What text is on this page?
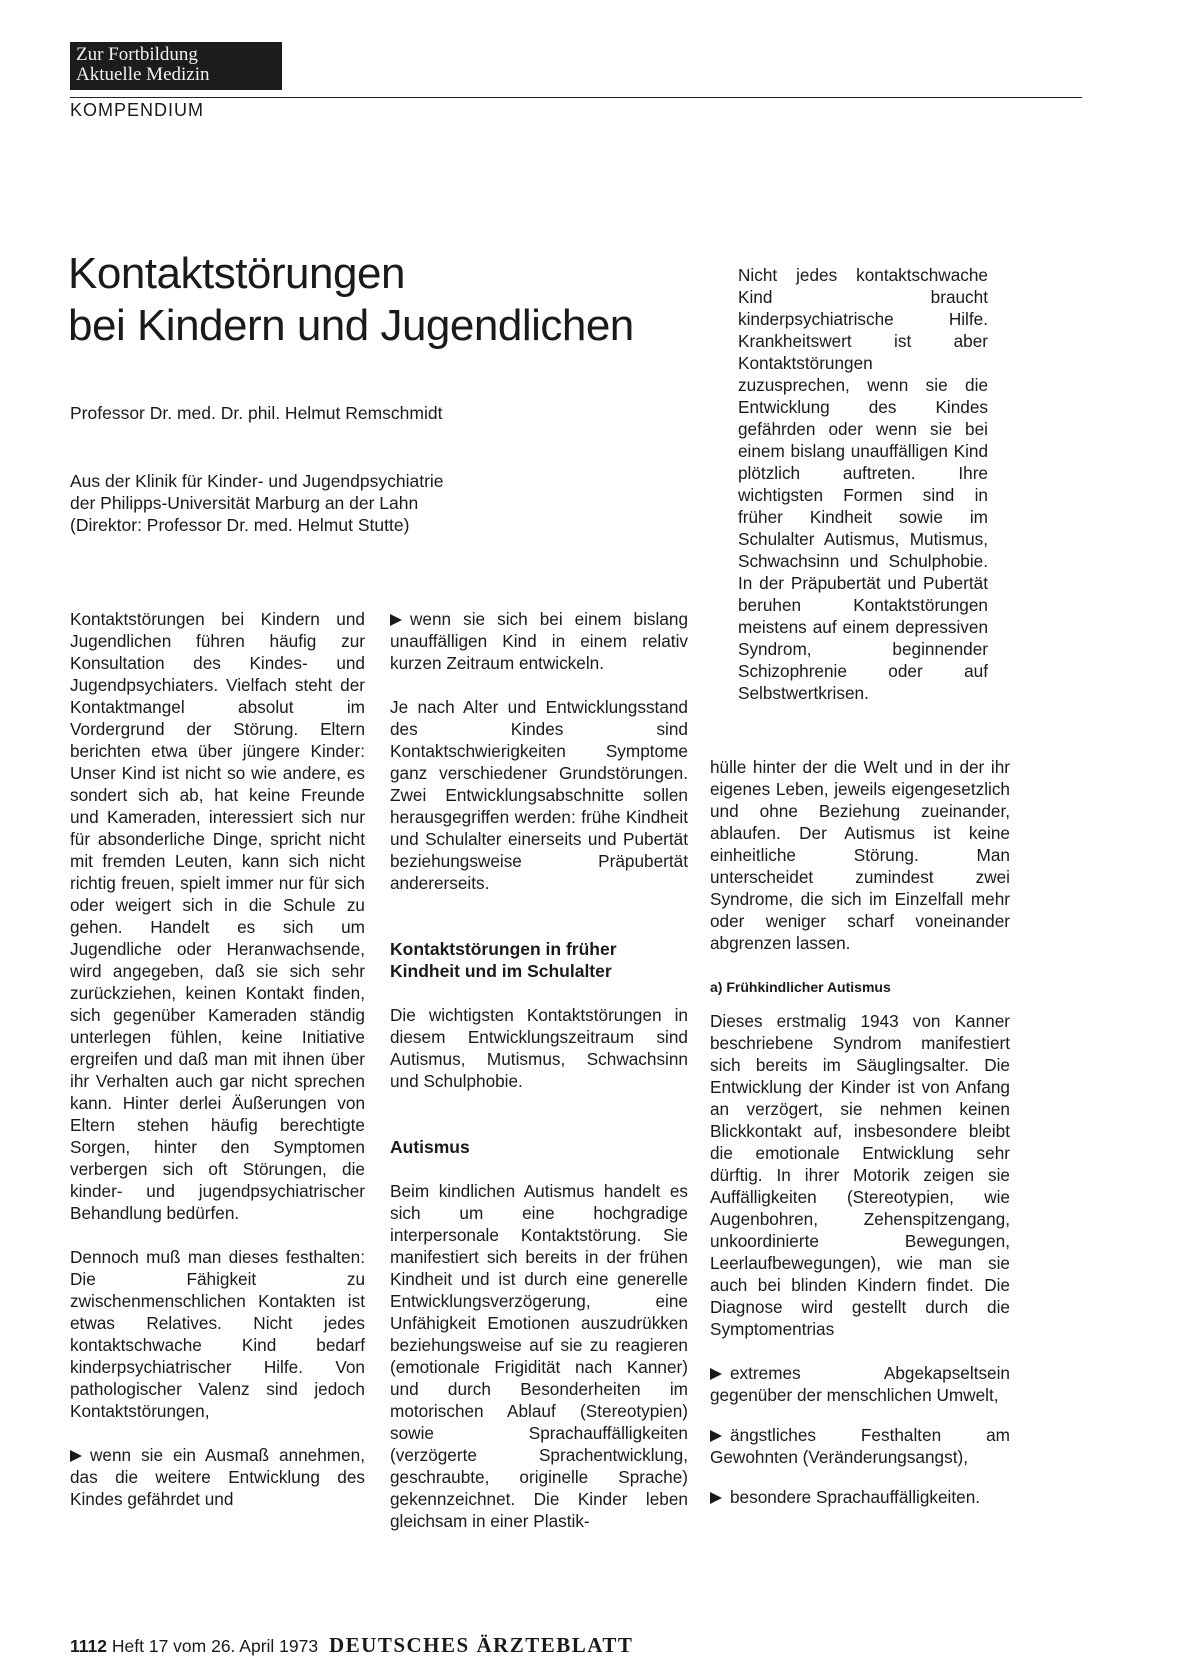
Zur Fortbildung
Aktuelle Medizin
KOMPENDIUM
Kontaktstörungen
bei Kindern und Jugendlichen
Professor Dr. med. Dr. phil. Helmut Remschmidt
Aus der Klinik für Kinder- und Jugendpsychiatrie
der Philipps-Universität Marburg an der Lahn
(Direktor: Professor Dr. med. Helmut Stutte)

Nicht jedes kontaktschwache Kind braucht kinderpsychiatrische Hilfe. Krankheitswert ist aber Kontaktstörungen zuzusprechen, wenn sie die Entwicklung des Kindes gefährden oder wenn sie bei einem bislang unauffälligen Kind plötzlich auftreten. Ihre wichtigsten Formen sind in früher Kindheit sowie im Schulalter Autismus, Mutismus, Schwachsinn und Schulphobie. In der Präpubertät und Pubertät beruhen Kontaktstörungen meistens auf einem depressiven Syndrom, beginnender Schizophrenie oder auf Selbstwertkrisen.

Kontaktstörungen bei Kindern und Jugendlichen führen häufig zur Konsultation des Kindes- und Jugendpsychiaters. Vielfach steht der Kontaktmangel absolut im Vordergrund der Störung. Eltern berichten etwa über jüngere Kinder: Unser Kind ist nicht so wie andere, es sondert sich ab, hat keine Freunde und Kameraden, interessiert sich nur für absonderliche Dinge, spricht nicht mit fremden Leuten, kann sich nicht richtig freuen, spielt immer nur für sich oder weigert sich in die Schule zu gehen. Handelt es sich um Jugendliche oder Heranwachsende, wird angegeben, daß sie sich sehr zurückziehen, keinen Kontakt finden, sich gegenüber Kameraden ständig unterlegen fühlen, keine Initiative ergreifen und daß man mit ihnen über ihr Verhalten auch gar nicht sprechen kann. Hinter derlei Äußerungen von Eltern stehen häufig berechtigte Sorgen, hinter den Symptomen verbergen sich oft Störungen, die kinder- und jugendpsychiatrischer Behandlung bedürfen.

Dennoch muß man dieses festhalten: Die Fähigkeit zu zwischenmenschlichen Kontakten ist etwas Relatives. Nicht jedes kontaktschwache Kind bedarf kinderpsychiatrischer Hilfe. Von pathologischer Valenz sind jedoch Kontaktstörungen,

wenn sie ein Ausmaß annehmen, das die weitere Entwicklung des Kindes gefährdet und
wenn sie sich bei einem bislang unauffälligen Kind in einem relativ kurzen Zeitraum entwickeln.

Je nach Alter und Entwicklungsstand des Kindes sind Kontaktschwierigkeiten Symptome ganz verschiedener Grundstörungen. Zwei Entwicklungsabschnitte sollen herausgegriffen werden: frühe Kindheit und Schulalter einerseits und Pubertät beziehungsweise Präpubertät andererseits.

Kontaktstörungen in früher Kindheit und im Schulalter

Die wichtigsten Kontaktstörungen in diesem Entwicklungszeitraum sind Autismus, Mutismus, Schwachsinn und Schulphobie.

Autismus

Beim kindlichen Autismus handelt es sich um eine hochgradige interpersonale Kontaktstörung. Sie manifestiert sich bereits in der frühen Kindheit und ist durch eine generelle Entwicklungsverzögerung, eine Unfähigkeit Emotionen auszudrükken beziehungsweise auf sie zu reagieren (emotionale Frigidität nach Kanner) und durch Besonderheiten im motorischen Ablauf (Stereotypien) sowie Sprachauffälligkeiten (verzögerte Sprachentwicklung, geschraubte, originelle Sprache) gekennzeichnet. Die Kinder leben gleichsam in einer Plastik-

hülle hinter der die Welt und in der ihr eigenes Leben, jeweils eigengesetzlich und ohne Beziehung zueinander, ablaufen. Der Autismus ist keine einheitliche Störung. Man unterscheidet zumindest zwei Syndrome, die sich im Einzelfall mehr oder weniger scharf voneinander abgrenzen lassen.

a) Frühkindlicher Autismus

Dieses erstmalig 1943 von Kanner beschriebene Syndrom manifestiert sich bereits im Säuglingsalter. Die Entwicklung der Kinder ist von Anfang an verzögert, sie nehmen keinen Blickkontakt auf, insbesondere bleibt die emotionale Entwicklung sehr dürftig. In ihrer Motorik zeigen sie Auffälligkeiten (Stereotypien, wie Augenbohren, Zehenspitzengang, unkoordinierte Bewegungen, Leerlaufbewegungen), wie man sie auch bei blinden Kindern findet. Die Diagnose wird gestellt durch die Symptomentrias

extremes Abgekapseltsein gegenüber der menschlichen Umwelt,
ängstliches Festhalten am Gewohnten (Veränderungsangst),
besondere Sprachauffälligkeiten.
1112 Heft 17 vom 26. April 1973 DEUTSCHES ÄRZTEBLATT
